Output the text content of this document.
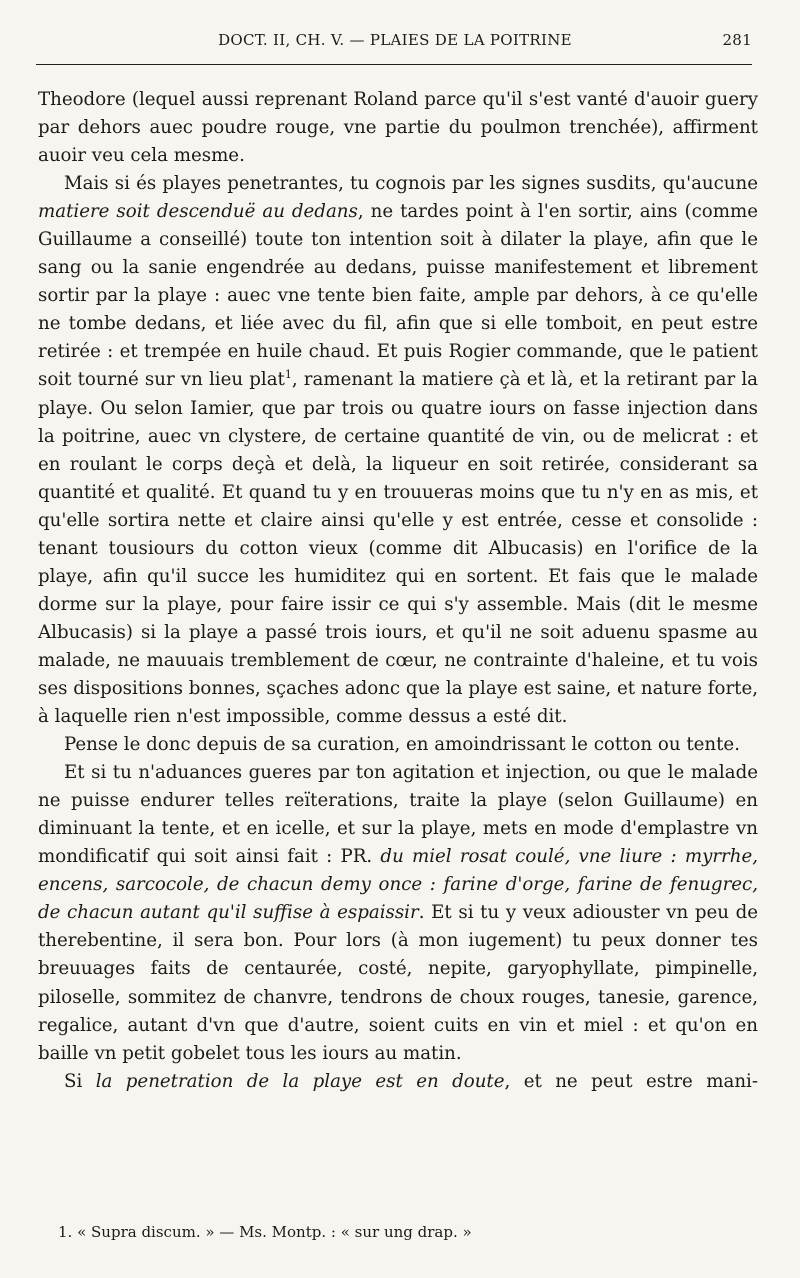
DOCT. II, CH. V. — PLAIES DE LA POITRINE	281

Theodore (lequel aussi reprenant Roland parce qu'il s'est vanté d'auoir guery par dehors auec poudre rouge, vne partie du poulmon trenchée), affirment auoir veu cela mesme.

Mais si és playes penetrantes, tu cognois par les signes susdits, qu'aucune matiere soit descenduë au dedans, ne tardes point à l'en sortir, ains (comme Guillaume a conseillé) toute ton intention soit à dilater la playe, afin que le sang ou la sanie engendrée au dedans, puisse manifestement et librement sortir par la playe : auec vne tente bien faite, ample par dehors, à ce qu'elle ne tombe dedans, et liée avec du fil, afin que si elle tomboit, en peut estre retirée : et trempée en huile chaud. Et puis Rogier commande, que le patient soit tourné sur vn lieu plat$^1$, ramenant la matiere çà et là, et la retirant par la playe. Ou selon Iamier, que par trois ou quatre iours on fasse injection dans la poitrine, auec vn clystere, de certaine quantité de vin, ou de melicrat : et en roulant le corps deçà et delà, la liqueur en soit retirée, considerant sa quantité et qualité. Et quand tu y en trouueras moins que tu n'y en as mis, et qu'elle sortira nette et claire ainsi qu'elle y est entrée, cesse et consolide : tenant tousiours du cotton vieux (comme dit Albucasis) en l'orifice de la playe, afin qu'il succe les humiditez qui en sortent. Et fais que le malade dorme sur la playe, pour faire issir ce qui s'y assemble. Mais (dit le mesme Albucasis) si la playe a passé trois iours, et qu'il ne soit aduenu spasme au malade, ne mauuais tremblement de cœur, ne contrainte d'haleine, et tu vois ses dispositions bonnes, sçaches adonc que la playe est saine, et nature forte, à laquelle rien n'est impossible, comme dessus a esté dit.

Pense le donc depuis de sa curation, en amoindrissant le cotton ou tente.

Et si tu n'aduances gueres par ton agitation et injection, ou que le malade ne puisse endurer telles reïterations, traite la playe (selon Guillaume) en diminuant la tente, et en icelle, et sur la playe, mets en mode d'emplastre vn mondificatif qui soit ainsi fait : PR. du miel rosat coulé, vne liure : myrrhe, encens, sarcocole, de chacun demy once : farine d'orge, farine de fenugrec, de chacun autant qu'il suffise à espaissir. Et si tu y veux adiouster vn peu de therebentine, il sera bon. Pour lors (à mon iugement) tu peux donner tes breuuages faits de centaurée, costé, nepite, garyophyllate, pimpinelle, piloselle, sommitez de chanvre, tendrons de choux rouges, tanesie, garence, regalice, autant d'vn que d'autre, soient cuits en vin et miel : et qu'on en baille vn petit gobelet tous les iours au matin.

Si la penetration de la playe est en doute, et ne peut estre mani-

1. « Supra discum. » — Ms. Montp. : « sur ung drap. »
